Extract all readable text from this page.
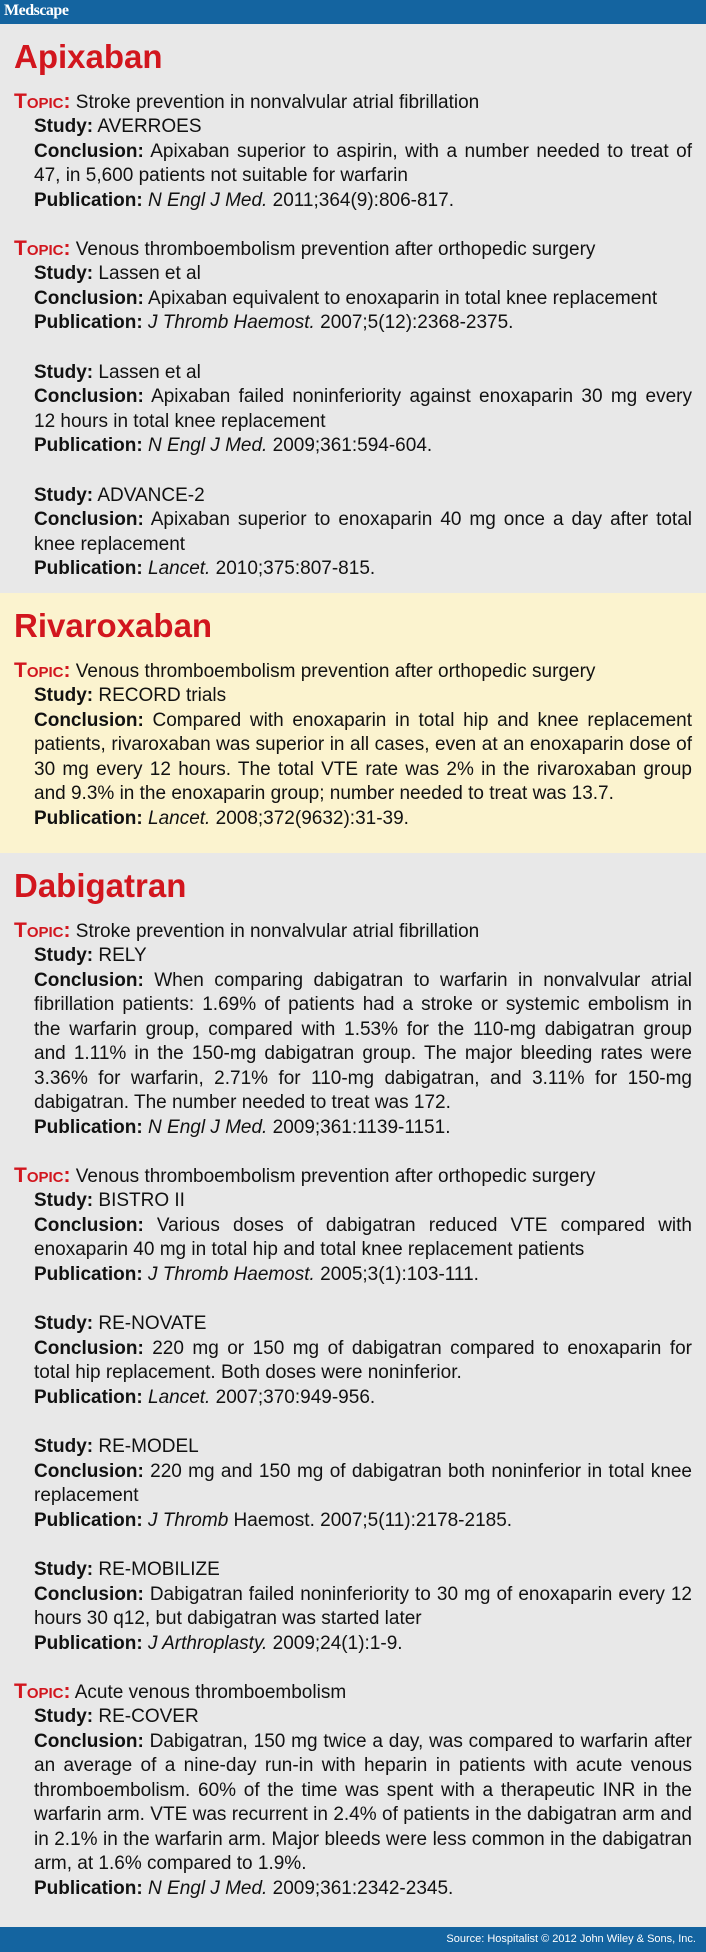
Medscape
Apixaban
Topic: Stroke prevention in nonvalvular atrial fibrillation
Study: AVERROES
Conclusion: Apixaban superior to aspirin, with a number needed to treat of 47, in 5,600 patients not suitable for warfarin
Publication: N Engl J Med. 2011;364(9):806-817.
Topic: Venous thromboembolism prevention after orthopedic surgery
Study: Lassen et al
Conclusion: Apixaban equivalent to enoxaparin in total knee replacement
Publication: J Thromb Haemost. 2007;5(12):2368-2375.
Study: Lassen et al
Conclusion: Apixaban failed noninferiority against enoxaparin 30 mg every 12 hours in total knee replacement
Publication: N Engl J Med. 2009;361:594-604.
Study: ADVANCE-2
Conclusion: Apixaban superior to enoxaparin 40 mg once a day after total knee replacement
Publication: Lancet. 2010;375:807-815.
Rivaroxaban
Topic: Venous thromboembolism prevention after orthopedic surgery
Study: RECORD trials
Conclusion: Compared with enoxaparin in total hip and knee replacement patients, rivaroxaban was superior in all cases, even at an enoxaparin dose of 30 mg every 12 hours. The total VTE rate was 2% in the rivaroxaban group and 9.3% in the enoxaparin group; number needed to treat was 13.7.
Publication: Lancet. 2008;372(9632):31-39.
Dabigatran
Topic: Stroke prevention in nonvalvular atrial fibrillation
Study: RELY
Conclusion: When comparing dabigatran to warfarin in nonvalvular atrial fibrillation patients: 1.69% of patients had a stroke or systemic embolism in the warfarin group, compared with 1.53% for the 110-mg dabigatran group and 1.11% in the 150-mg dabigatran group. The major bleeding rates were 3.36% for warfarin, 2.71% for 110-mg dabigatran, and 3.11% for 150-mg dabigatran. The number needed to treat was 172.
Publication: N Engl J Med. 2009;361:1139-1151.
Topic: Venous thromboembolism prevention after orthopedic surgery
Study: BISTRO II
Conclusion: Various doses of dabigatran reduced VTE compared with enoxaparin 40 mg in total hip and total knee replacement patients
Publication: J Thromb Haemost. 2005;3(1):103-111.
Study: RE-NOVATE
Conclusion: 220 mg or 150 mg of dabigatran compared to enoxaparin for total hip replacement. Both doses were noninferior.
Publication: Lancet. 2007;370:949-956.
Study: RE-MODEL
Conclusion: 220 mg and 150 mg of dabigatran both noninferior in total knee replacement
Publication: J Thromb Haemost. 2007;5(11):2178-2185.
Study: RE-MOBILIZE
Conclusion: Dabigatran failed noninferiority to 30 mg of enoxaparin every 12 hours 30 q12, but dabigatran was started later
Publication: J Arthroplasty. 2009;24(1):1-9.
Topic: Acute venous thromboembolism
Study: RE-COVER
Conclusion: Dabigatran, 150 mg twice a day, was compared to warfarin after an average of a nine-day run-in with heparin in patients with acute venous thromboembolism. 60% of the time was spent with a therapeutic INR in the warfarin arm. VTE was recurrent in 2.4% of patients in the dabigatran arm and in 2.1% in the warfarin arm. Major bleeds were less common in the dabigatran arm, at 1.6% compared to 1.9%.
Publication: N Engl J Med. 2009;361:2342-2345.
Source: Hospitalist © 2012 John Wiley & Sons, Inc.
